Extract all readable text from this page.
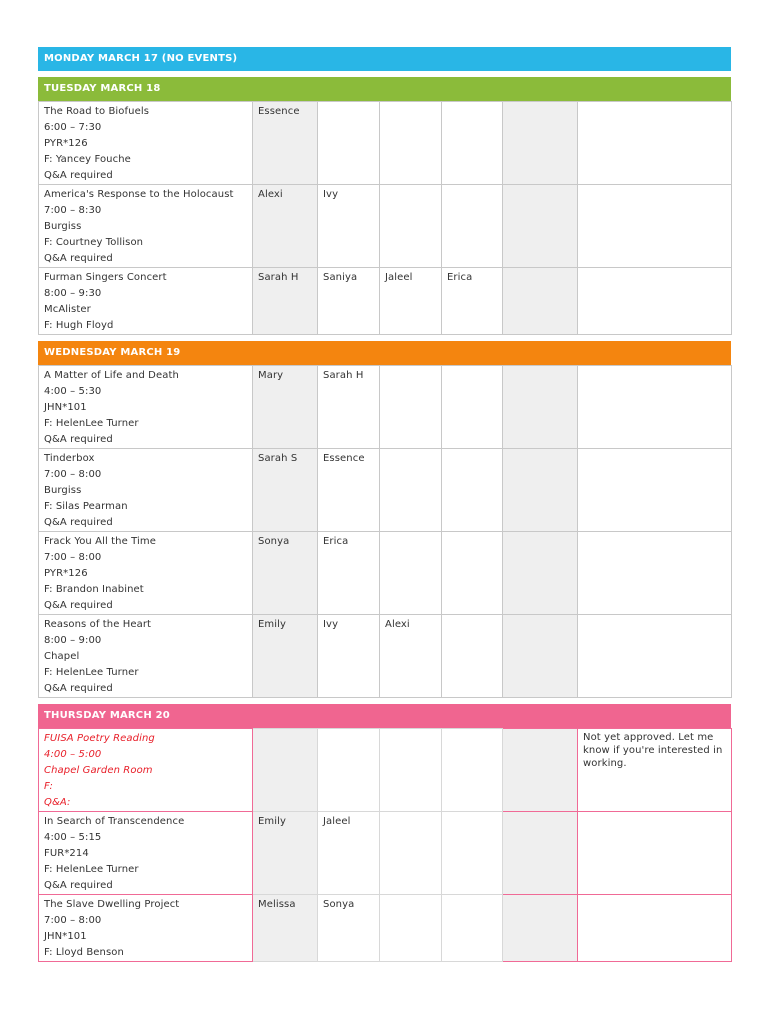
MONDAY MARCH 17 (NO EVENTS)
TUESDAY MARCH 18
The Road to Biofuels
6:00 – 7:30
PYR*126
F: Yancey Fouche
Q&A required	Essence					

America's Response to the Holocaust
7:00 – 8:30
Burgiss
F: Courtney Tollison
Q&A required	Alexi	Ivy				

Furman Singers Concert
8:00 – 9:30
McAlister
F: Hugh Floyd	Sarah H	Saniya	Jaleel	Erica		
WEDNESDAY MARCH 19
A Matter of Life and Death
4:00 – 5:30
JHN*101
F: HelenLee Turner
Q&A required	Mary	Sarah H				

Tinderbox
7:00 – 8:00
Burgiss
F: Silas Pearman
Q&A required	Sarah S	Essence				

Frack You All the Time
7:00 – 8:00
PYR*126
F: Brandon Inabinet
Q&A required	Sonya	Erica				

Reasons of the Heart
8:00 – 9:00
Chapel
F: HelenLee Turner
Q&A required	Emily	Ivy	Alexi			
THURSDAY MARCH 20
FUISA Poetry Reading
4:00 – 5:00
Chapel Garden Room
F:
Q&A:						Not yet approved. Let me know if you're interested in working.

In Search of Transcendence
4:00 – 5:15
FUR*214
F: HelenLee Turner
Q&A required	Emily	Jaleel				

The Slave Dwelling Project
7:00 – 8:00
JHN*101
F: Lloyd Benson	Melissa	Sonya				
